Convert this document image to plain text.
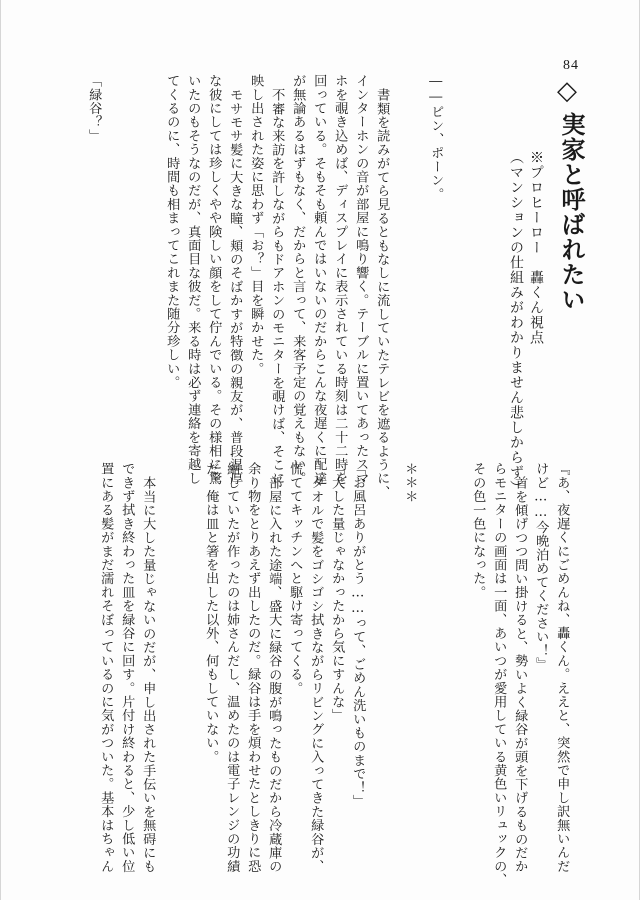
84
◇
実家と呼ばれたい
※プロヒーロー　轟くん視点
（マンションの仕組みがわかりません悲しからず）
書類を読みがてら見るともなしに流していたテレビを遮るように、
インターホンの音が部屋に鳴り響く。テーブルに置いてあったスマ
ホを覗き込めば、ディスプレイに表示されている時刻は二十二時を
回っている。そもそも頼んではいないのだからこんな夜遅くに配達
が無論あるはずもなく、だからと言って、来客予定の覚えもない。
不審な来訪を許しながらもドアホンのモニターを覗けば、そこに
映し出された姿に思わず「お？」目を瞬かせた。
モサモサ髪に大きな瞳、頬のそばかすが特徴の親友が、普段温厚
な彼にしては珍しくやや険しい顔をして佇んでいる。その様相に驚
いたのもそうなのだが、真面目な彼だ。来る時は必ず連絡を寄越し
てくるのに、時間も相まってこれまた随分珍しい。
「緑谷？」	――ピン、ポーン。
『あ、夜遅くにごめんね、轟くん。ええと、突然で申し訳無いんだ
けど……今晩泊めてください！』
首を傾げつつ問い掛けると、勢いよく緑谷が頭を下げるものだか
らモニターの画面は一面、あいつが愛用している黄色いリュックの、
その色一色になった。
＊＊＊
「お風呂ありがとう……って、ごめん洗いものまで！」
「大した量じゃなかったから気にすんな」
タオルで髪をゴシゴシ拭きながらリビングに入ってきた緑谷が、
慌ててキッチンへと駆け寄ってくる。
部屋に入れた途端、盛大に緑谷の腹が鳴ったものだから冷蔵庫の
余り物をとりあえず出したのだ。緑谷は手を煩わせたとしきりに恐
縮していたが作ったのは姉さんだし、温めたのは電子レンジの功績
だ。俺は皿と箸を出した以外、何もしていない。
本当に大した量じゃないのだが、申し出された手伝いを無碍にも
できず拭き終わった皿を緑谷に回す。片付け終わると、少し低い位
置にある髪がまだ濡れそぼっているのに気がついた。基本はちゃん
